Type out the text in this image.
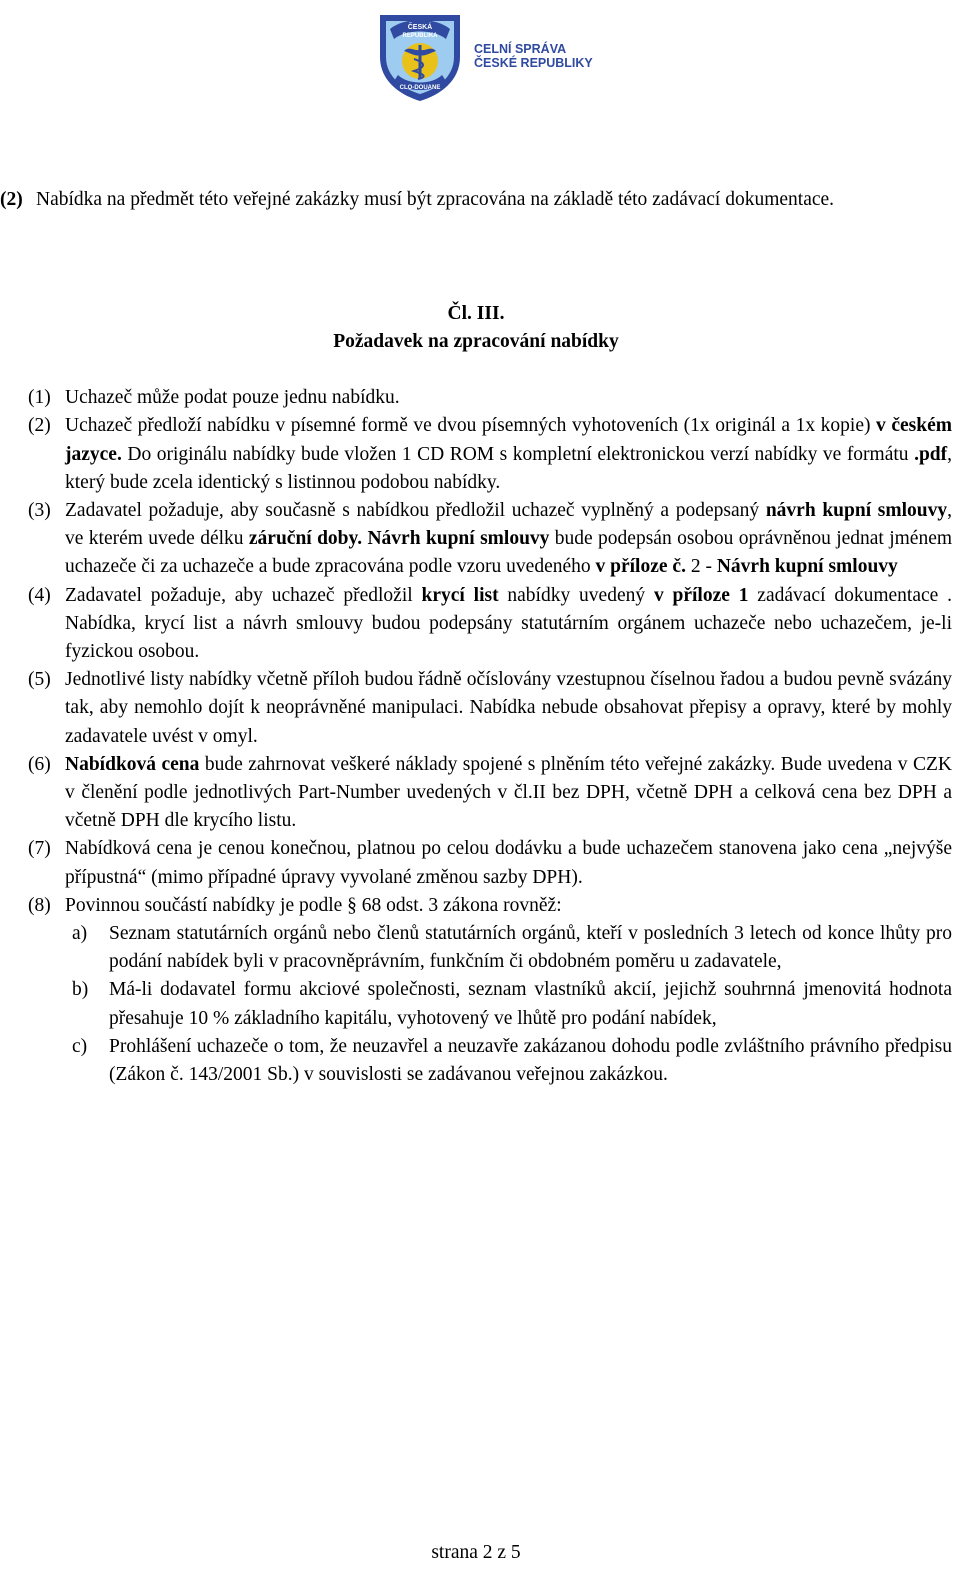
ČESKÁ
REPUBLIKA
CLO-DOUANE
CELNÍ SPRÁVA
ČESKÉ REPUBLIKY
(2) Nabídka na předmět této veřejné zakázky musí být zpracována na základě této zadávací dokumentace.
Čl. III.
Požadavek na zpracování nabídky
(1) Uchazeč může podat pouze jednu nabídku.
(2) Uchazeč předloží nabídku v písemné formě ve dvou písemných vyhotoveních (1x originál a 1x kopie) v českém jazyce. Do originálu nabídky bude vložen 1 CD ROM s kompletní elektronickou verzí nabídky ve formátu .pdf, který bude zcela identický s listinnou podobou nabídky.
(3) Zadavatel požaduje, aby současně s nabídkou předložil uchazeč vyplněný a podepsaný návrh kupní smlouvy, ve kterém uvede délku záruční doby. Návrh kupní smlouvy bude podepsán osobou oprávněnou jednat jménem uchazeče či za uchazeče a bude zpracována podle vzoru uvedeného v příloze č. 2 - Návrh kupní smlouvy
(4) Zadavatel požaduje, aby uchazeč předložil krycí list nabídky uvedený v příloze 1 zadávací dokumentace . Nabídka, krycí list a návrh smlouvy budou podepsány statutárním orgánem uchazeče nebo uchazečem, je-li fyzickou osobou.
(5) Jednotlivé listy nabídky včetně příloh budou řádně očíslovány vzestupnou číselnou řadou a budou pevně svázány tak, aby nemohlo dojít k neoprávněné manipulaci. Nabídka nebude obsahovat přepisy a opravy, které by mohly zadavatele uvést v omyl.
(6) Nabídková cena bude zahrnovat veškeré náklady spojené s plněním této veřejné zakázky. Bude uvedena v CZK v členění podle jednotlivých Part-Number uvedených v čl.II bez DPH, včetně DPH a celková cena bez DPH a včetně DPH dle krycího listu.
(7) Nabídková cena je cenou konečnou, platnou po celou dodávku a bude uchazečem stanovena jako cena „nejvýše přípustná“ (mimo případné úpravy vyvolané změnou sazby DPH).
(8) Povinnou součástí nabídky je podle § 68 odst. 3 zákona rovněž:
a)	Seznam statutárních orgánů nebo členů statutárních orgánů, kteří v posledních 3 letech od konce lhůty pro podání nabídek byli v pracovněprávním, funkčním či obdobném poměru u zadavatele,
b)	Má-li dodavatel formu akciové společnosti, seznam vlastníků akcií, jejichž souhrnná jmenovitá hodnota přesahuje 10 % základního kapitálu, vyhotovený ve lhůtě pro podání nabídek,
c)	Prohlášení uchazeče o tom, že neuzavřel a neuzavře zakázanou dohodu podle zvláštního právního předpisu (Zákon č. 143/2001 Sb.) v souvislosti se zadávanou veřejnou zakázkou.
strana 2 z 5
